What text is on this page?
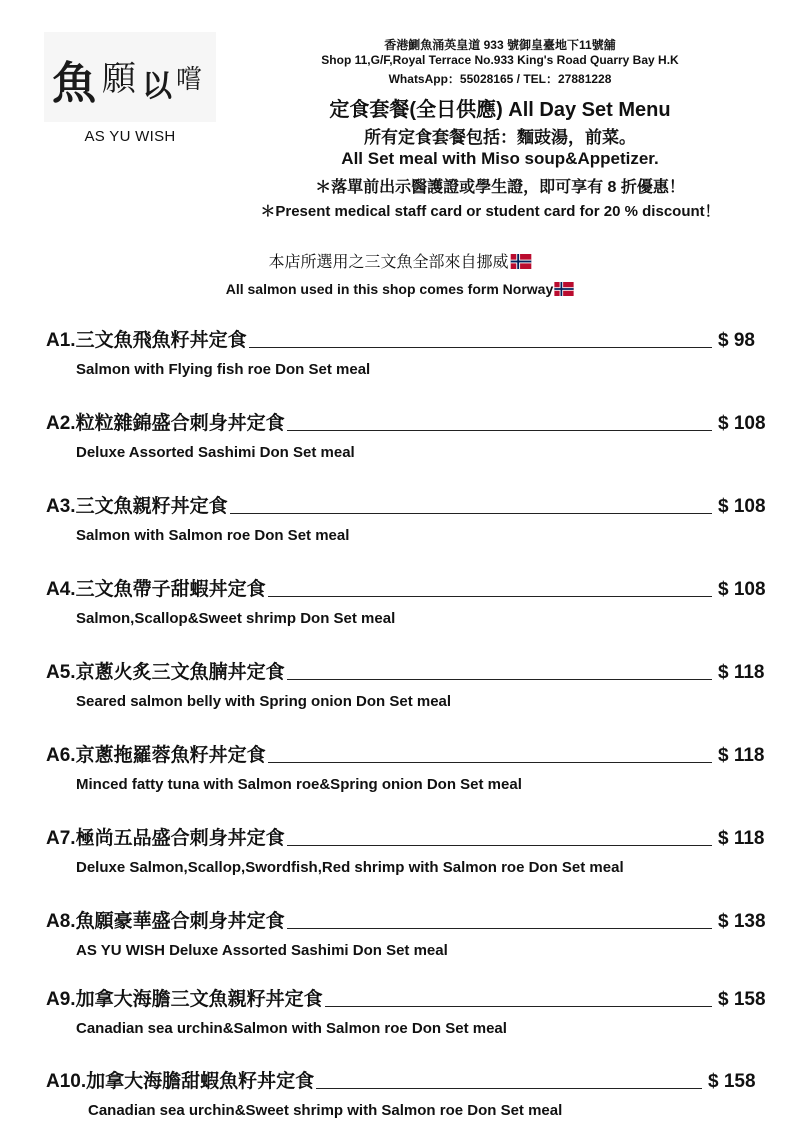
魚 願 以 嚐
AS YU WISH
香港鰂魚涌英皇道 933 號御皇臺地下11號舖
Shop 11,G/F,Royal Terrace No.933 King's Road Quarry Bay H.K
WhatsApp：55028165 / TEL：27881228
定食套餐(全日供應) All Day Set Menu
所有定食套餐包括：麵豉湯，前菜。
All Set meal with Miso soup&Appetizer.
＊落單前出示醫護證或學生證，即可享有 8 折優惠！
＊Present medical staff card or student card for 20 % discount！
本店所選用之三文魚全部來自挪威
All salmon used in this shop comes form Norway
A1.三文魚飛魚籽丼定食	$ 98
Salmon with Flying fish roe Don Set meal
A2.粒粒雜錦盛合刺身丼定食	$ 108
Deluxe Assorted Sashimi Don Set meal
A3.三文魚親籽丼定食	$ 108
Salmon with Salmon roe Don Set meal
A4.三文魚帶子甜蝦丼定食	$ 108
Salmon,Scallop&Sweet shrimp Don Set meal
A5.京蔥火炙三文魚腩丼定食	$ 118
Seared salmon belly with Spring onion Don Set meal
A6.京蔥拖羅蓉魚籽丼定食	$ 118
Minced fatty tuna with Salmon roe&Spring onion Don Set meal
A7.極尚五品盛合刺身丼定食	$ 118
Deluxe Salmon,Scallop,Swordfish,Red shrimp with Salmon roe Don Set meal
A8.魚願豪華盛合刺身丼定食	$ 138
AS YU WISH Deluxe Assorted Sashimi Don Set meal
A9.加拿大海膽三文魚親籽丼定食	$ 158
Canadian sea urchin&Salmon with Salmon roe Don Set meal
A10.加拿大海膽甜蝦魚籽丼定食	$ 158
Canadian sea urchin&Sweet shrimp with Salmon roe Don Set meal
